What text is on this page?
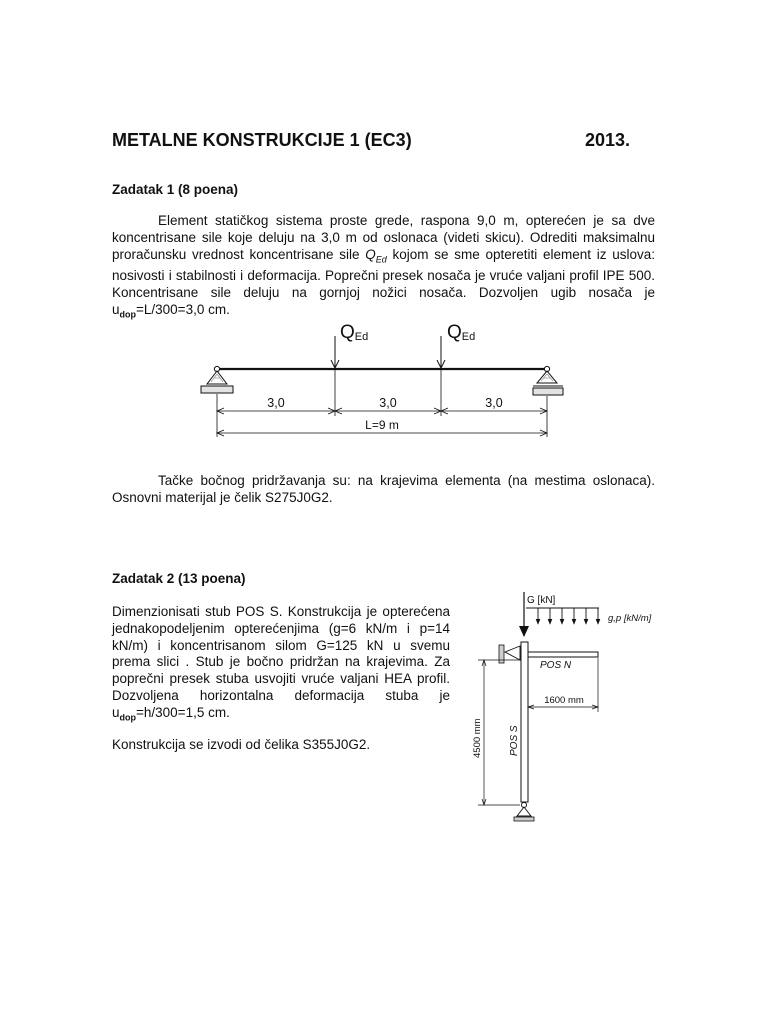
METALNE KONSTRUKCIJE 1 (EC3)	2013.
Zadatak 1 (8 poena)

Element statičkog sistema proste grede, raspona 9,0 m, opterećen je sa dve koncentrisane sile koje deluju na 3,0 m od oslonaca (videti skicu). Odrediti maksimalnu proračunsku vrednost koncentrisane sile $Q_{Ed}$ kojom se sme opteretiti element iz uslova: nosivosti i stabilnosti i deformacija. Poprečni presek nosača je vruće valjani profil IPE 500. Koncentrisane sile deluju na gornjoj nožici nosača. Dozvoljen ugib nosača je $u_{dop}=L/300=3,0$ cm.

QEd	QEd
3,0	3,0	3,0
L=9 m

Tačke bočnog pridržavanja su: na krajevima elementa (na mestima oslonaca). Osnovni materijal je čelik S275J0G2.

Zadatak 2 (13 poena)

Dimenzionisati stub POS S. Konstrukcija je opterećena jednakopodeljenim opterećenjima (g=6 kN/m i p=14 kN/m) i koncentrisanom silom G=125 kN u svemu prema slici . Stub je bočno pridržan na krajevima. Za poprečni presek stuba usvojiti vruće valjani HEA profil. Dozvoljena horizontalna deformacija stuba je $u_{dop}=h/300=1,5$ cm.

Konstrukcija se izvodi od čelika S355J0G2.

G [kN]
g,p [kN/m]
POS N
POS S
1600 mm
4500 mm
